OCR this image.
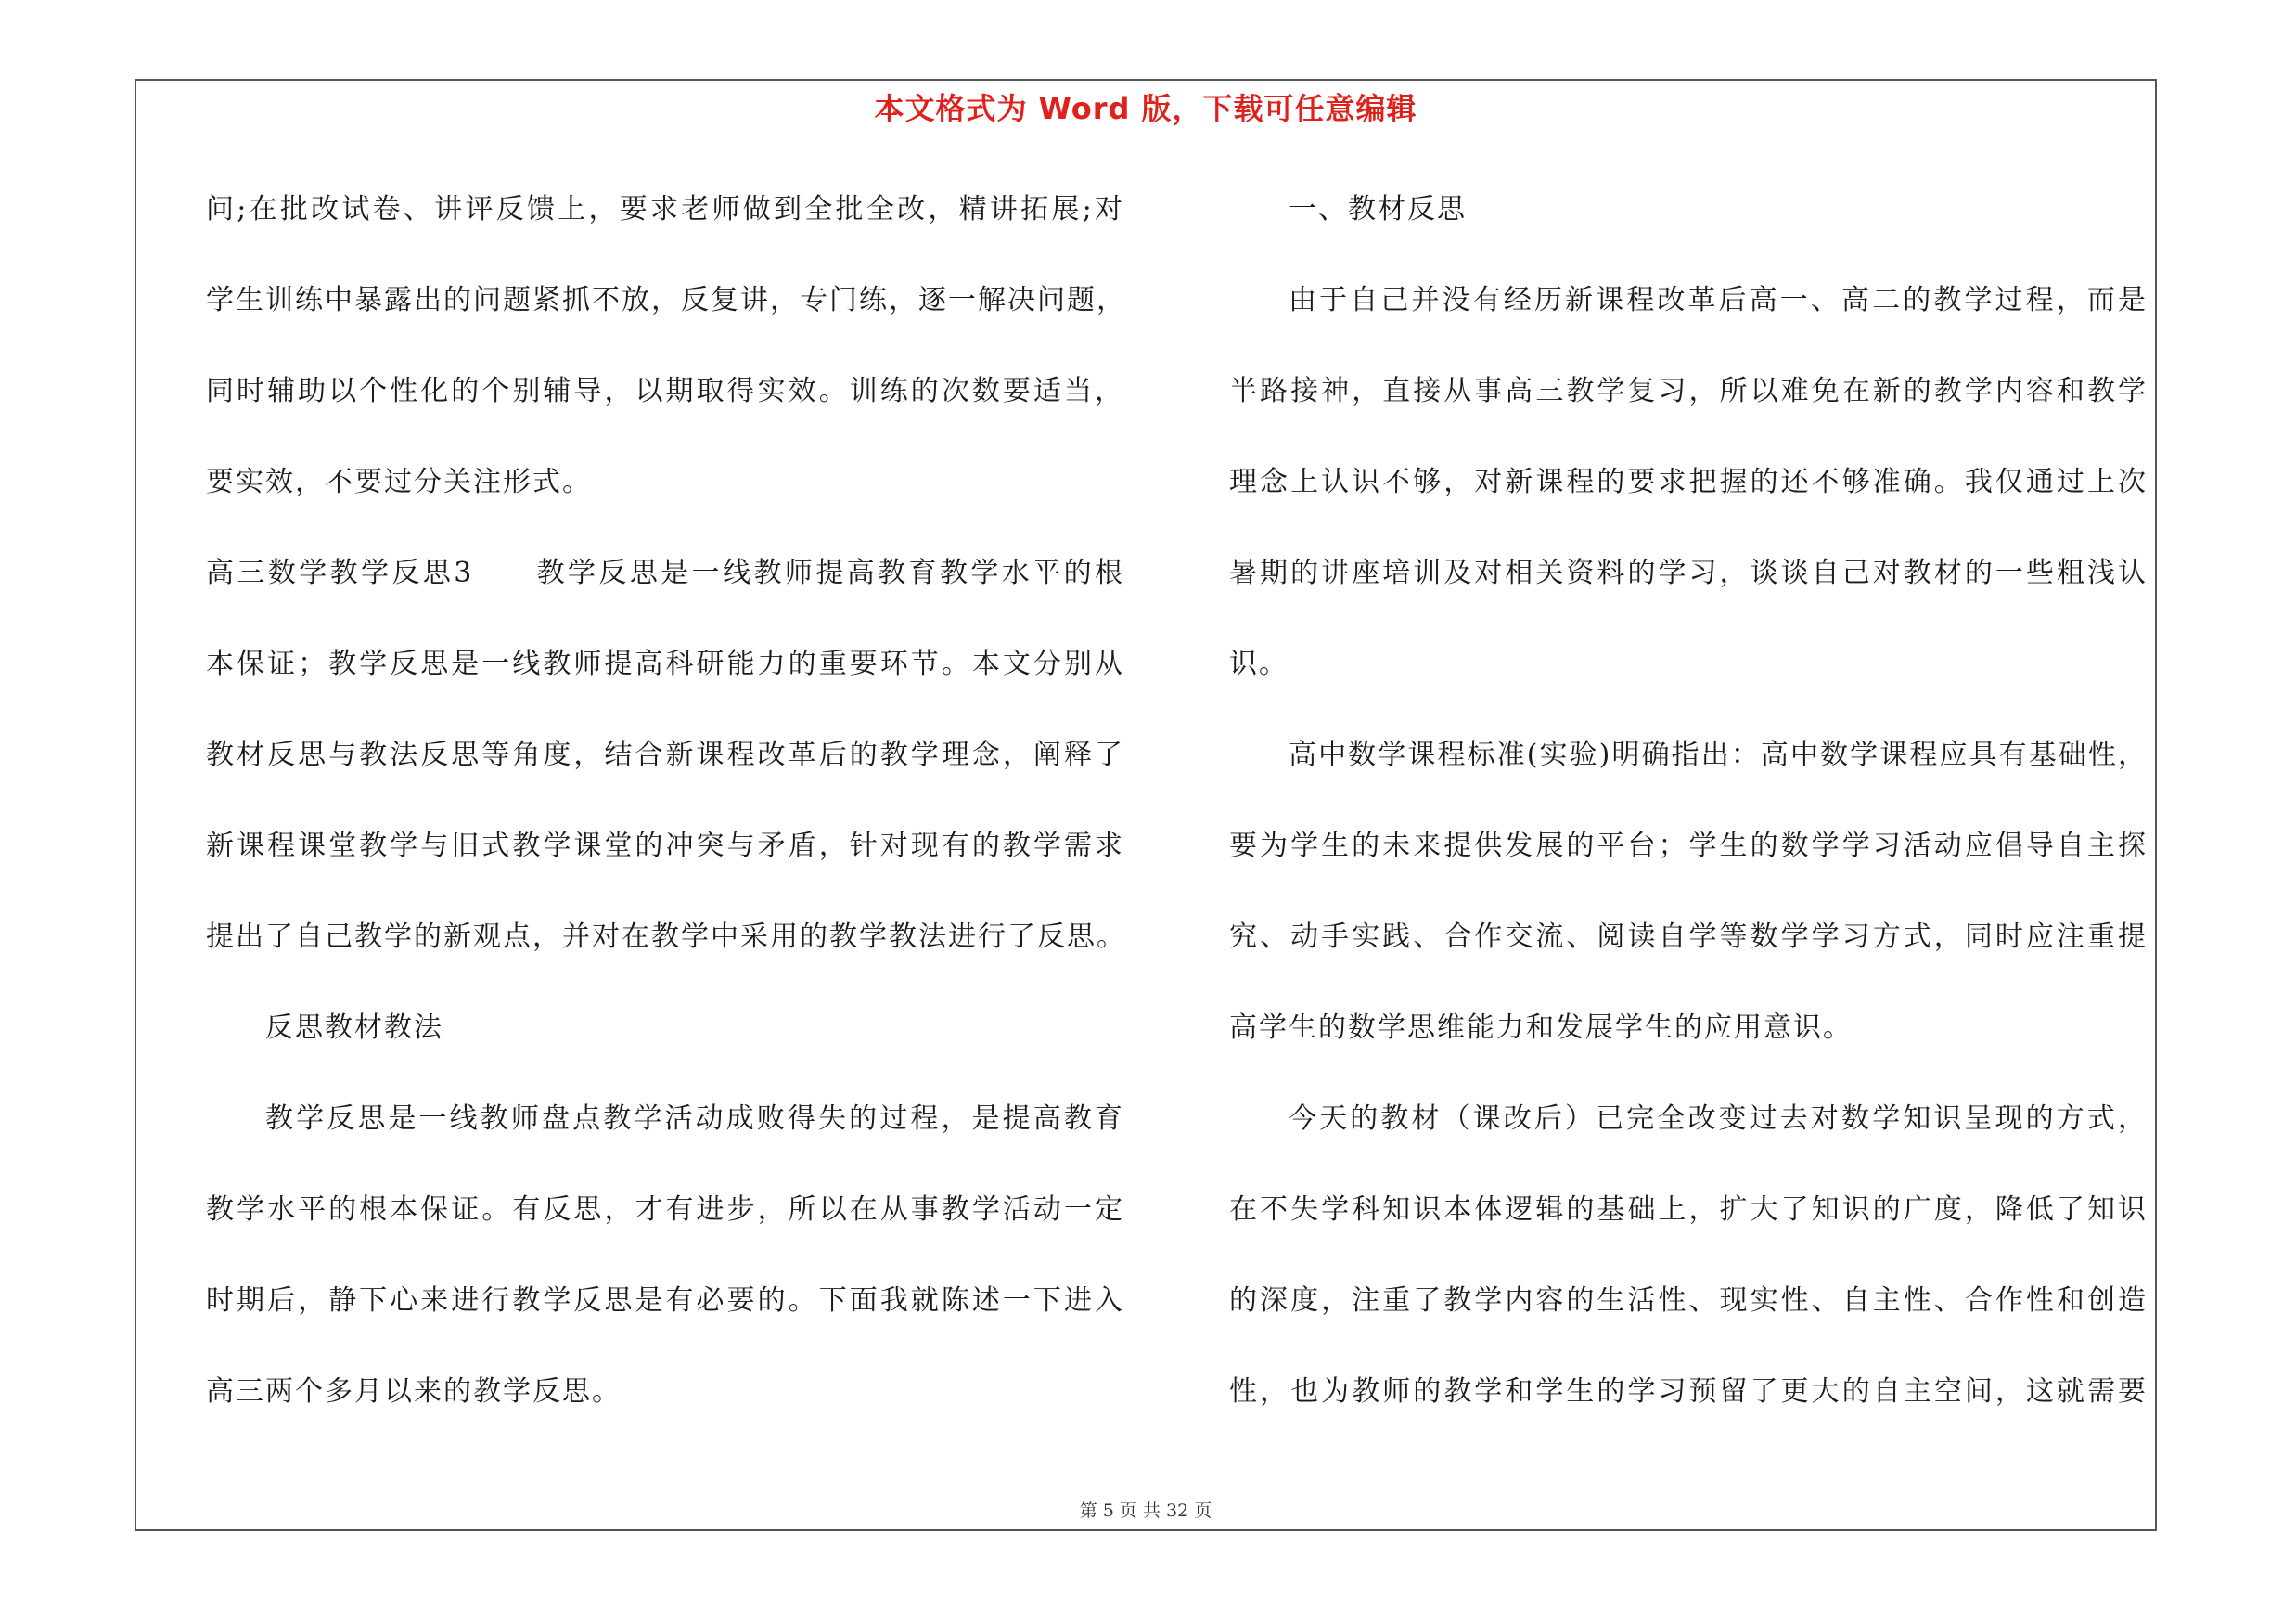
本文格式为 Word 版，下载可任意编辑
问;在批改试卷、讲评反馈上，要求老师做到全批全改，精讲拓展;对
学生训练中暴露出的问题紧抓不放，反复讲，专门练，逐一解决问题，
同时辅助以个性化的个别辅导，以期取得实效。训练的次数要适当，
要实效，不要过分关注形式。
高三数学教学反思3　　教学反思是一线教师提高教育教学水平的根
本保证；教学反思是一线教师提高科研能力的重要环节。本文分别从
教材反思与教法反思等角度，结合新课程改革后的教学理念，阐释了
新课程课堂教学与旧式教学课堂的冲突与矛盾，针对现有的教学需求
提出了自己教学的新观点，并对在教学中采用的教学教法进行了反思。
反思教材教法
教学反思是一线教师盘点教学活动成败得失的过程，是提高教育
教学水平的根本保证。有反思，才有进步，所以在从事教学活动一定
时期后，静下心来进行教学反思是有必要的。下面我就陈述一下进入
高三两个多月以来的教学反思。
一、教材反思
由于自己并没有经历新课程改革后高一、高二的教学过程，而是
半路接神，直接从事高三教学复习，所以难免在新的教学内容和教学
理念上认识不够，对新课程的要求把握的还不够准确。我仅通过上次
暑期的讲座培训及对相关资料的学习，谈谈自己对教材的一些粗浅认
识。
高中数学课程标准(实验)明确指出：高中数学课程应具有基础性，
要为学生的未来提供发展的平台；学生的数学学习活动应倡导自主探
究、动手实践、合作交流、阅读自学等数学学习方式，同时应注重提
高学生的数学思维能力和发展学生的应用意识。
今天的教材（课改后）已完全改变过去对数学知识呈现的方式，
在不失学科知识本体逻辑的基础上，扩大了知识的广度，降低了知识
的深度，注重了教学内容的生活性、现实性、自主性、合作性和创造
性，也为教师的教学和学生的学习预留了更大的自主空间，这就需要
第 5 页 共 32 页
